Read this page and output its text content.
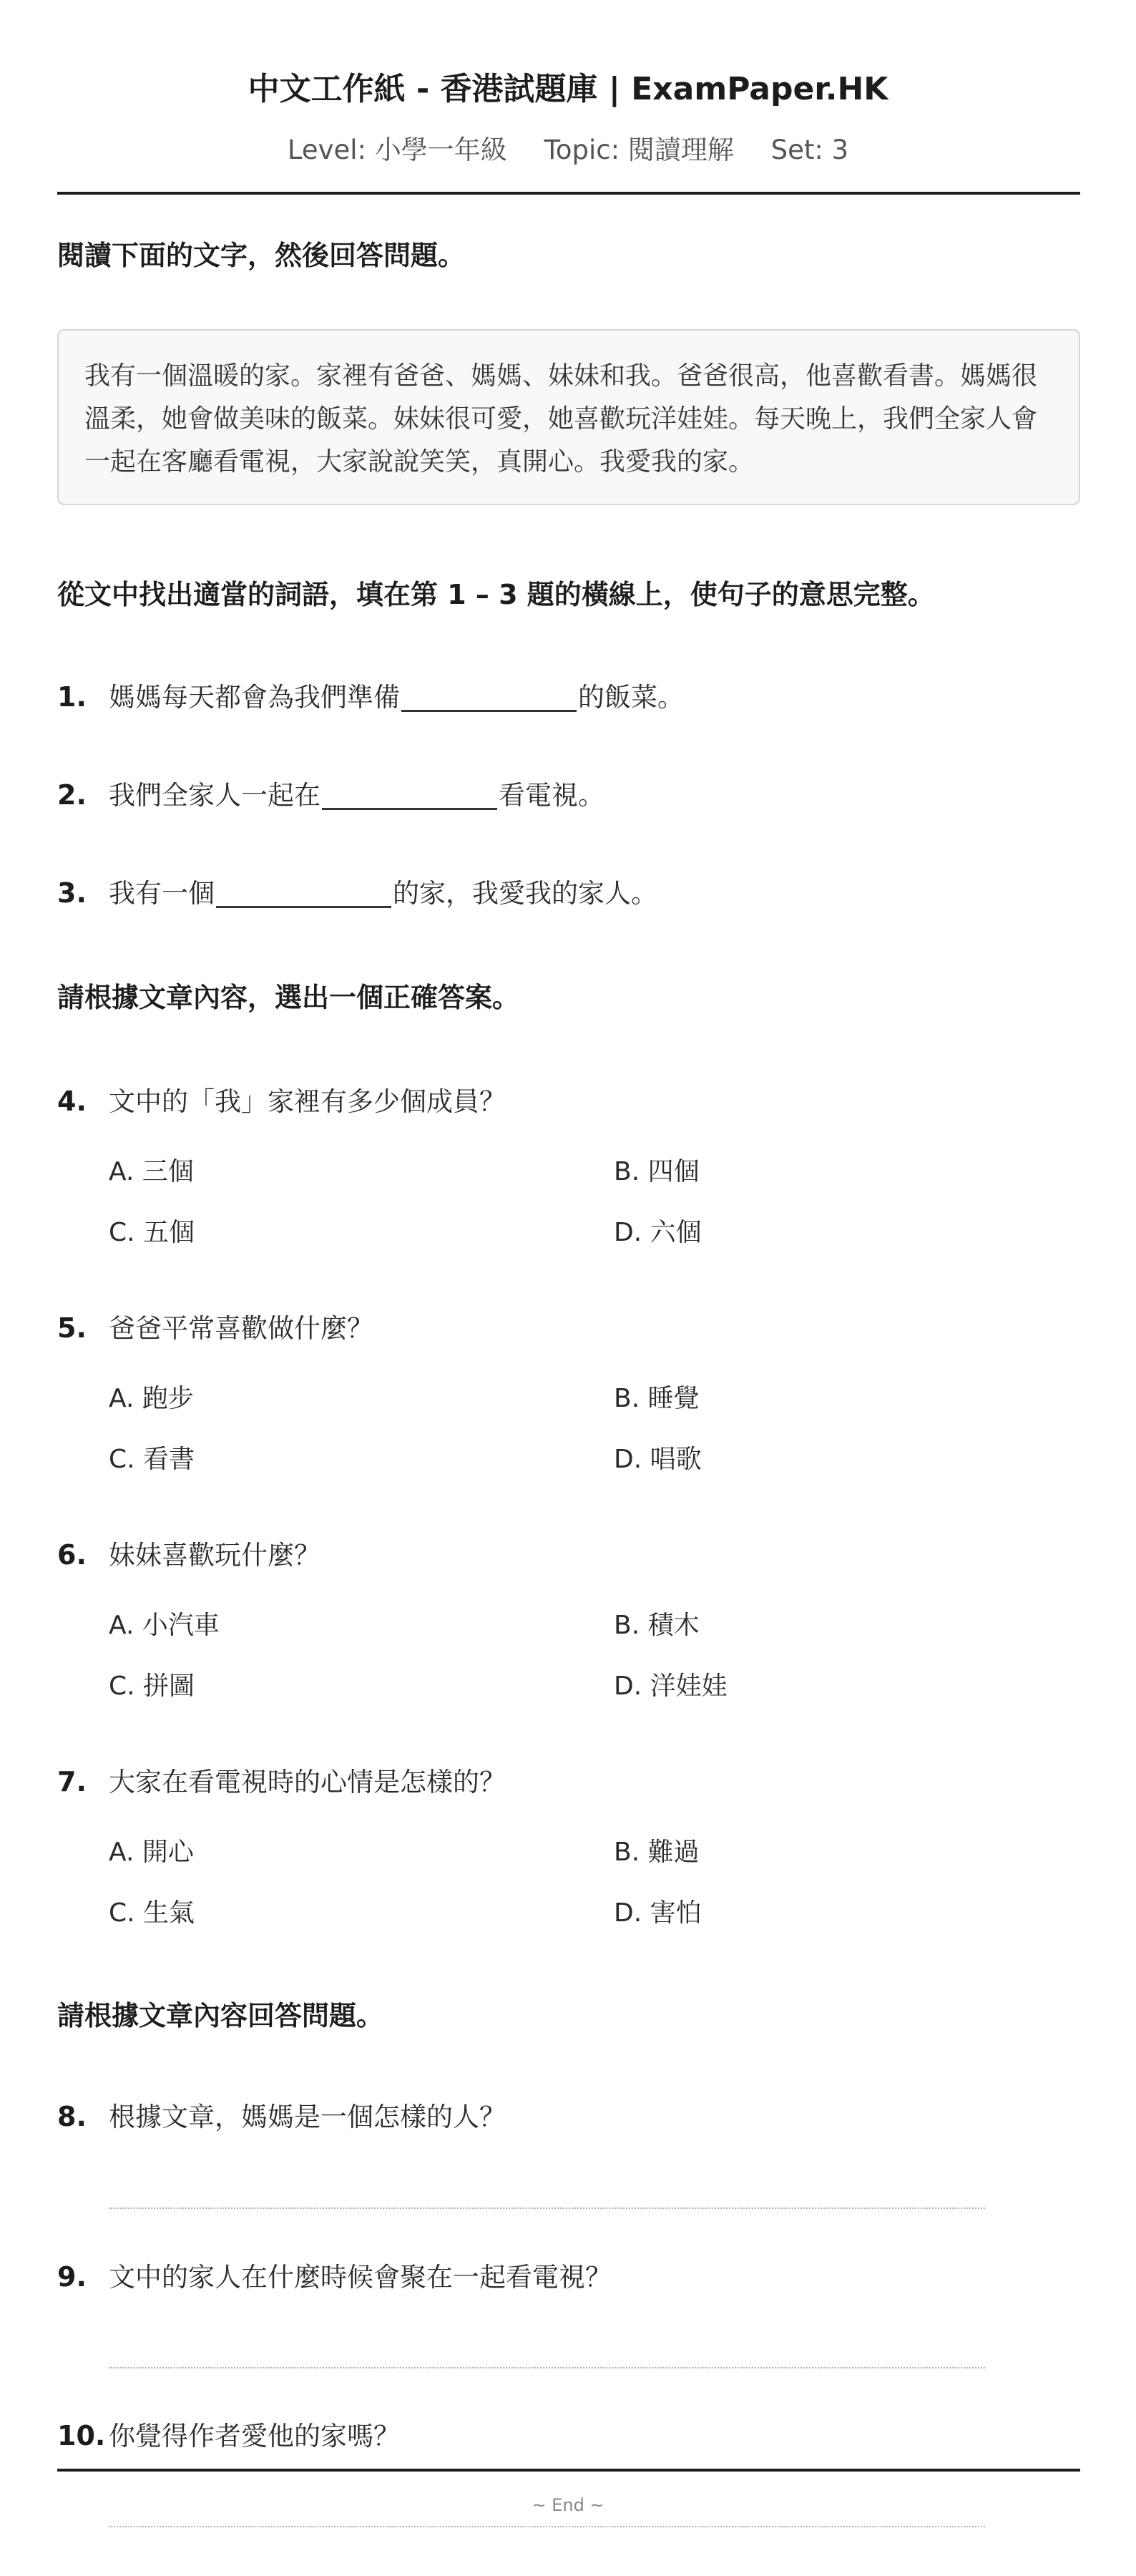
中文工作紙 - 香港試題庫 | ExamPaper.HK
Level: 小學一年級 Topic: 閱讀理解 Set: 3
閱讀下面的文字，然後回答問題。
我有一個溫暖的家。家裡有爸爸、媽媽、妹妹和我。爸爸很高，他喜歡看書。媽媽很溫柔，她會做美味的飯菜。妹妹很可愛，她喜歡玩洋娃娃。每天晚上，我們全家人會一起在客廳看電視，大家說說笑笑，真開心。我愛我的家。
從文中找出適當的詞語，填在第 1 – 3 題的橫線上，使句子的意思完整。
1. 媽媽每天都會為我們準備	的飯菜。
2. 我們全家人一起在	看電視。
3. 我有一個	的家，我愛我的家人。
請根據文章內容，選出一個正確答案。
4. 文中的「我」家裡有多少個成員？
A. 三個	B. 四個
C. 五個	D. 六個
5. 爸爸平常喜歡做什麼？
A. 跑步	B. 睡覺
C. 看書	D. 唱歌
6. 妹妹喜歡玩什麼？
A. 小汽車	B. 積木
C. 拼圖	D. 洋娃娃
7. 大家在看電視時的心情是怎樣的？
A. 開心	B. 難過
C. 生氣	D. 害怕
請根據文章內容回答問題。
8. 根據文章，媽媽是一個怎樣的人？
9. 文中的家人在什麼時候會聚在一起看電視？
10. 你覺得作者愛他的家嗎？
~ End ~
